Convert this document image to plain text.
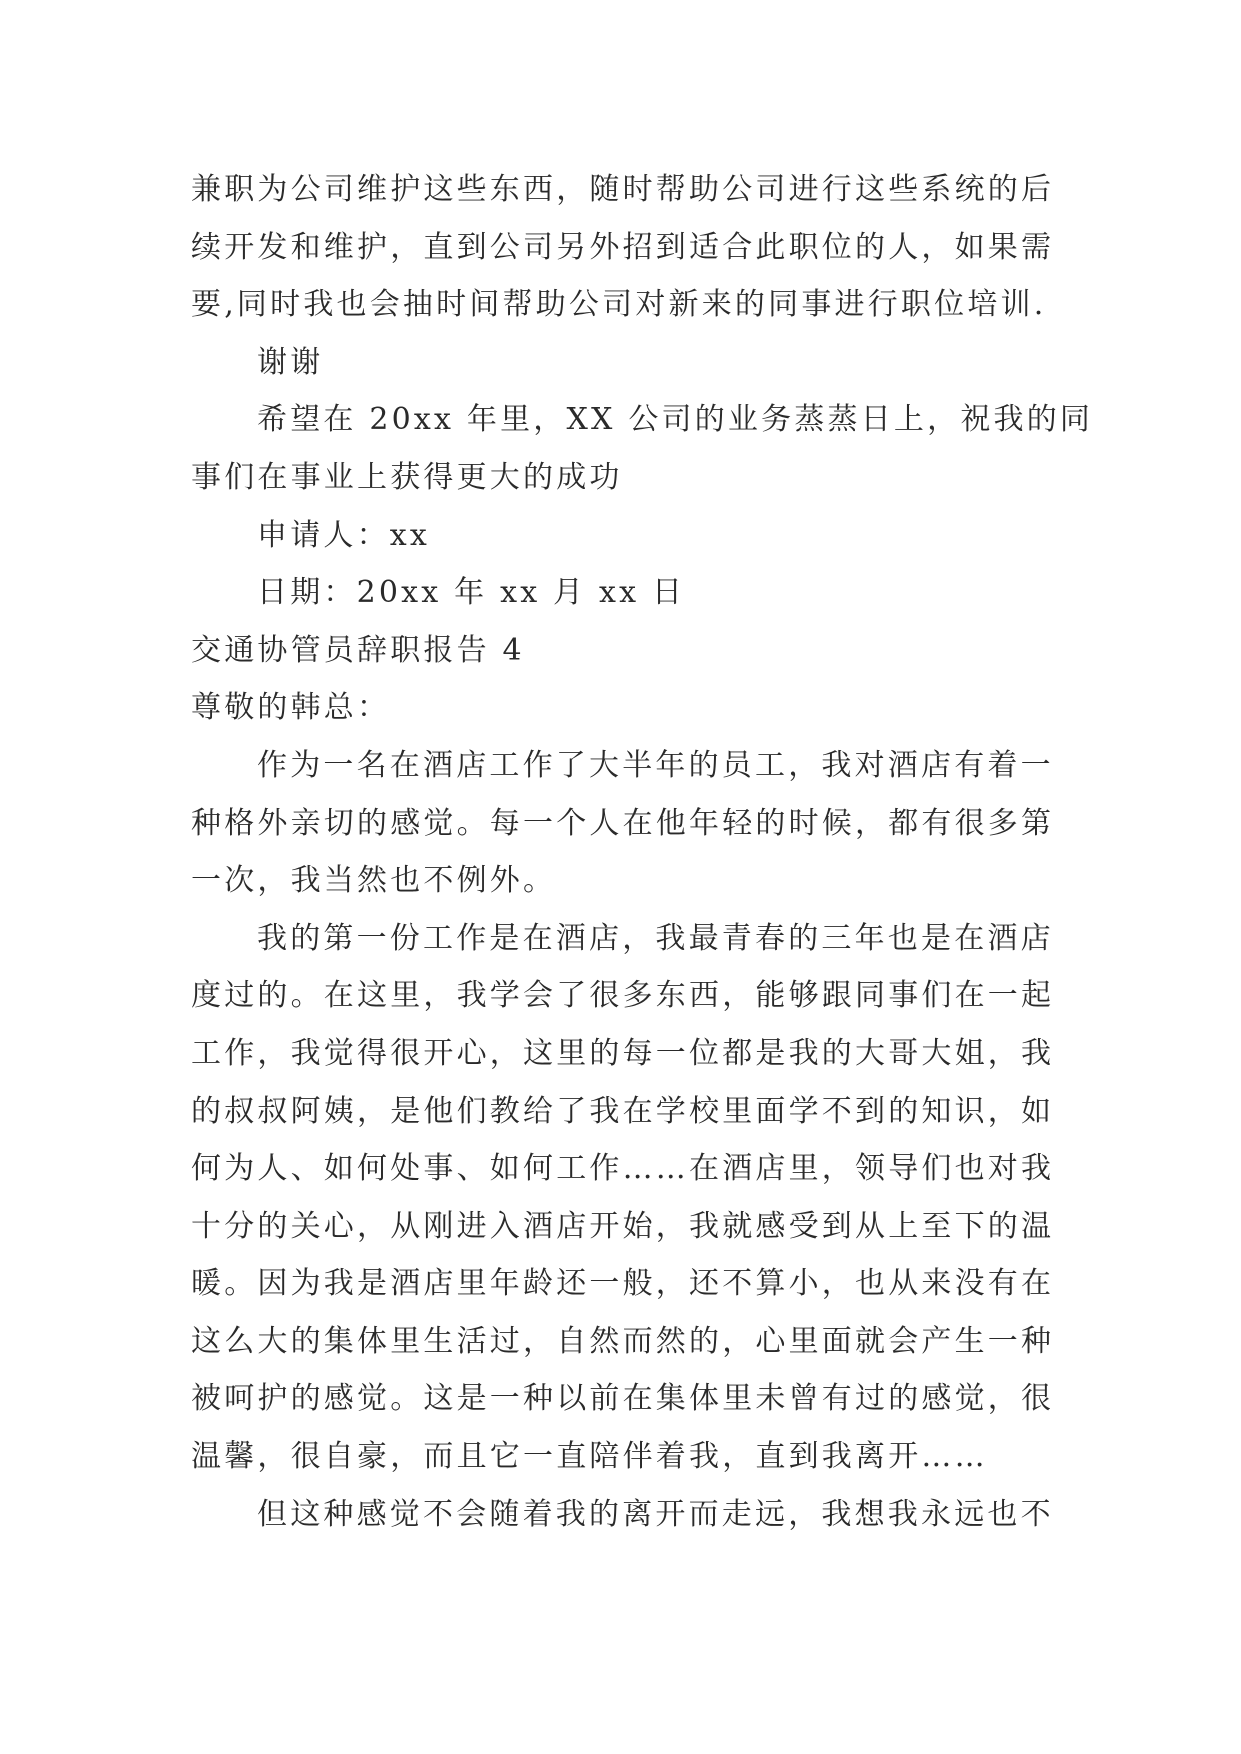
兼职为公司维护这些东西，随时帮助公司进行这些系统的后
续开发和维护，直到公司另外招到适合此职位的人，如果需
要,同时我也会抽时间帮助公司对新来的同事进行职位培训.
谢谢
希望在 20xx 年里，XX 公司的业务蒸蒸日上，祝我的同
事们在事业上获得更大的成功
申请人：xx
日期：20xx 年 xx 月 xx 日
交通协管员辞职报告 4
尊敬的韩总：
作为一名在酒店工作了大半年的员工，我对酒店有着一
种格外亲切的感觉。每一个人在他年轻的时候，都有很多第
一次，我当然也不例外。
我的第一份工作是在酒店，我最青春的三年也是在酒店
度过的。在这里，我学会了很多东西，能够跟同事们在一起
工作，我觉得很开心，这里的每一位都是我的大哥大姐，我
的叔叔阿姨，是他们教给了我在学校里面学不到的知识，如
何为人、如何处事、如何工作……在酒店里，领导们也对我
十分的关心，从刚进入酒店开始，我就感受到从上至下的温
暖。因为我是酒店里年龄还一般，还不算小，也从来没有在
这么大的集体里生活过，自然而然的，心里面就会产生一种
被呵护的感觉。这是一种以前在集体里未曾有过的感觉，很
温馨，很自豪，而且它一直陪伴着我，直到我离开……
但这种感觉不会随着我的离开而走远，我想我永远也不
